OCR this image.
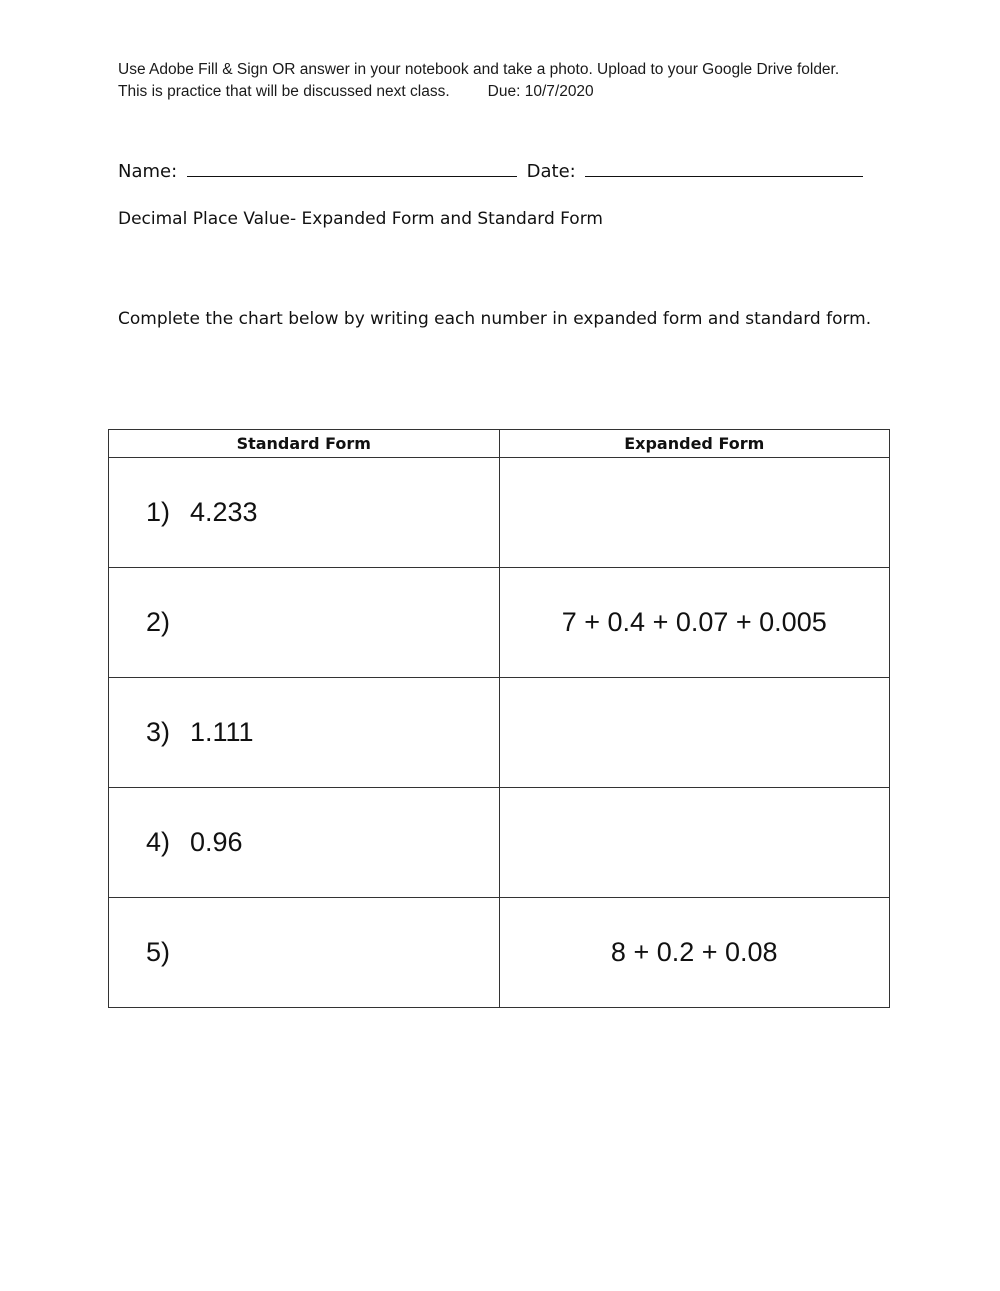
Use Adobe Fill & Sign OR answer in your notebook and take a photo. Upload to your Google Drive folder.
This is practice that will be discussed next class. Due: 10/7/2020
Name:	Date:
Decimal Place Value- Expanded Form and Standard Form
Complete the chart below by writing each number in expanded form and standard form.
Standard Form	Expanded Form
1) 4.233	
2)	7 + 0.4 + 0.07 + 0.005
3) 1.111	
4) 0.96	
5)	8 + 0.2 + 0.08
